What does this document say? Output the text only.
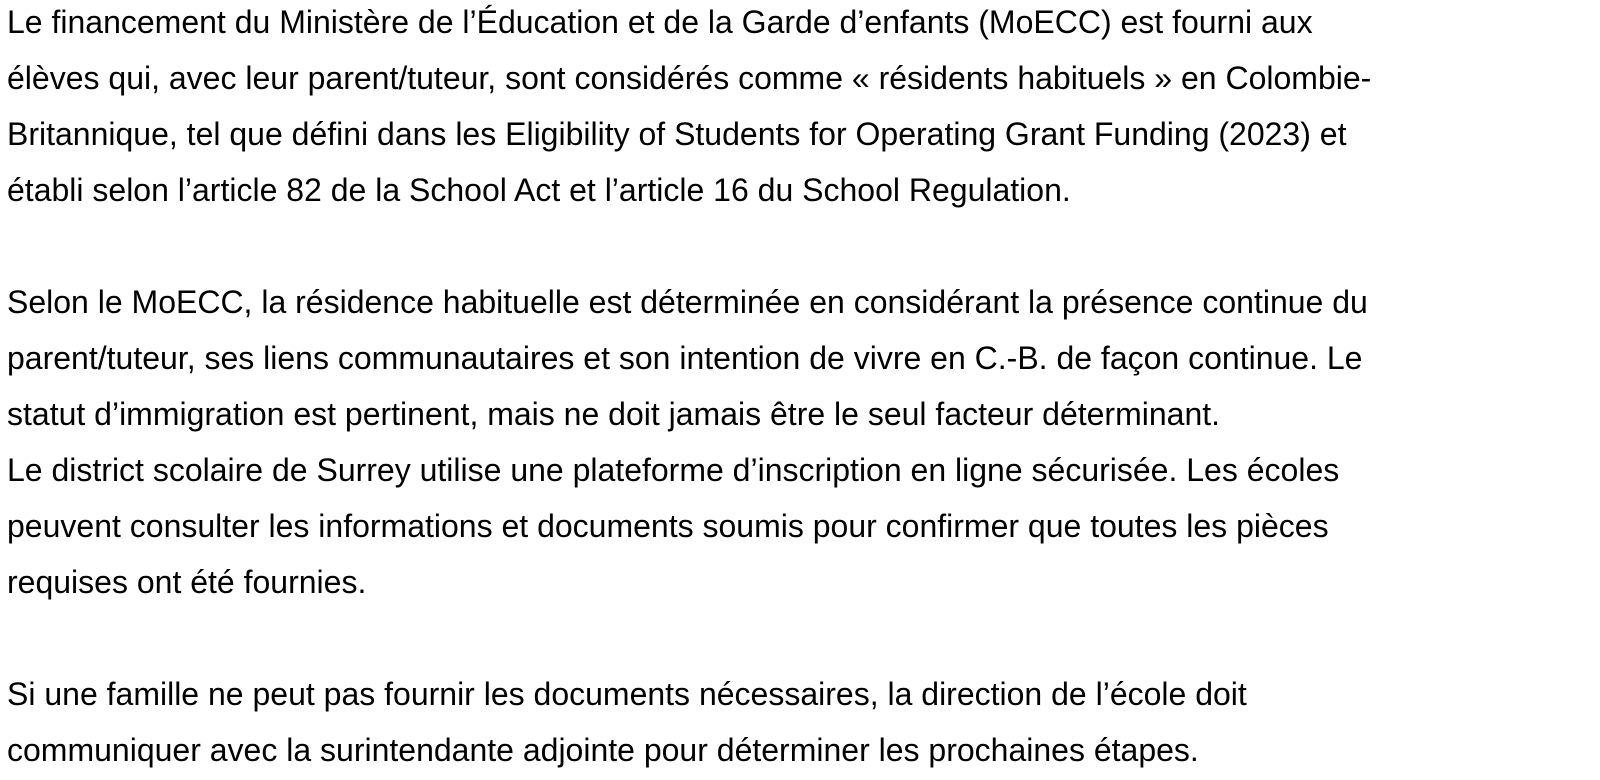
Le financement du Ministère de l’Éducation et de la Garde d’enfants (MoECC) est fourni aux
élèves qui, avec leur parent/tuteur, sont considérés comme « résidents habituels » en Colombie-
Britannique, tel que défini dans les Eligibility of Students for Operating Grant Funding (2023) et
établi selon l’article 82 de la School Act et l’article 16 du School Regulation.
Selon le MoECC, la résidence habituelle est déterminée en considérant la présence continue du
parent/tuteur, ses liens communautaires et son intention de vivre en C.-B. de façon continue. Le
statut d’immigration est pertinent, mais ne doit jamais être le seul facteur déterminant.
Le district scolaire de Surrey utilise une plateforme d’inscription en ligne sécurisée. Les écoles
peuvent consulter les informations et documents soumis pour confirmer que toutes les pièces
requises ont été fournies.
Si une famille ne peut pas fournir les documents nécessaires, la direction de l’école doit
communiquer avec la surintendante adjointe pour déterminer les prochaines étapes.
